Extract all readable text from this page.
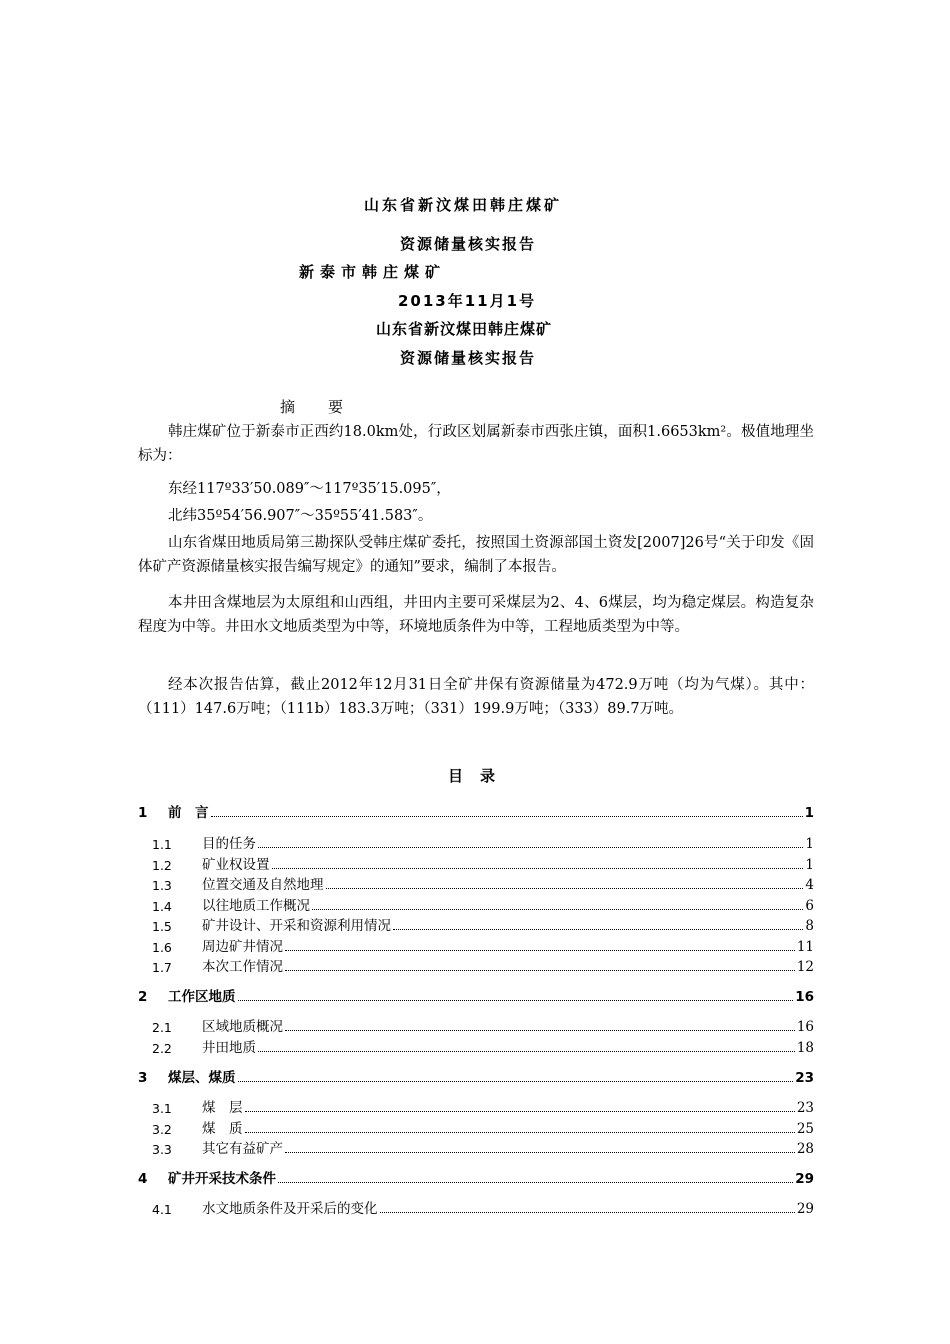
山东省新汶煤田韩庄煤矿
资源储量核实报告
新泰市韩庄煤矿
2013年11月1号
山东省新汶煤田韩庄煤矿
资源储量核实报告
摘　　要
韩庄煤矿位于新泰市正西约18.0km处，行政区划属新泰市西张庄镇，面积1.6653km²。极值地理坐标为：
东经117º33′50.089″～117º35′15.095″，
北纬35º54′56.907″～35º55′41.583″。
山东省煤田地质局第三勘探队受韩庄煤矿委托，按照国土资源部国土资发[2007]26号“关于印发《固体矿产资源储量核实报告编写规定》的通知”要求，编制了本报告。
本井田含煤地层为太原组和山西组，井田内主要可采煤层为2、4、6煤层，均为稳定煤层。构造复杂程度为中等。井田水文地质类型为中等，环境地质条件为中等，工程地质类型为中等。
经本次报告估算，截止2012年12月31日全矿井保有资源储量为472.9万吨（均为气煤）。其中：（111）147.6万吨；（111b）183.3万吨；（331）199.9万吨；（333）89.7万吨。
目　录
1	前　言	1
1.1	目的任务	1
1.2	矿业权设置	1
1.3	位置交通及自然地理	4
1.4	以往地质工作概况	6
1.5	矿井设计、开采和资源利用情况	8
1.6	周边矿井情况	11
1.7	本次工作情况	12
2	工作区地质	16
2.1	区域地质概况	16
2.2	井田地质	18
3	煤层、煤质	23
3.1	煤　层	23
3.2	煤　质	25
3.3	其它有益矿产	28
4	矿井开采技术条件	29
4.1	水文地质条件及开采后的变化	29
